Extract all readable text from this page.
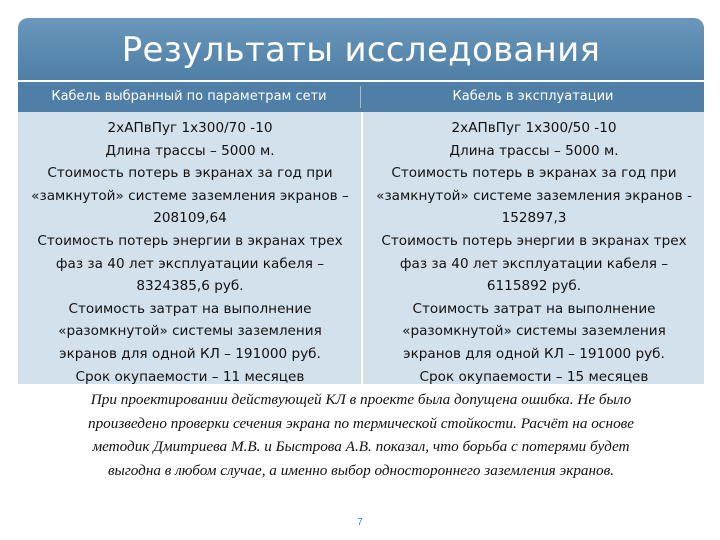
Результаты исследования
Кабель выбранный по параметрам сети	Кабель в эксплуатации
2хАПвПуг 1х300/70 -10
Длина трассы – 5000 м.
Стоимость потерь в экранах за год при
«замкнутой» системе заземления экранов –
208109,64
Стоимость потерь энергии в экранах трех
фаз за 40 лет эксплуатации кабеля –
8324385,6 руб.
Стоимость затрат на выполнение
«разомкнутой» системы заземления
экранов для одной КЛ – 191000 руб.
Срок окупаемости – 11 месяцев
2хАПвПуг 1х300/50 -10
Длина трассы – 5000 м.
Стоимость потерь в экранах за год при
«замкнутой» системе заземления экранов -
152897,3
Стоимость потерь энергии в экранах трех
фаз за 40 лет эксплуатации кабеля –
6115892 руб.
Стоимость затрат на выполнение
«разомкнутой» системы заземления
экранов для одной КЛ – 191000 руб.
Срок окупаемости – 15 месяцев
При проектировании действующей КЛ в проекте была допущена ошибка. Не было
произведено проверки сечения экрана по термической стойкости. Расчёт на основе
методик Дмитриева М.В. и Быстрова А.В. показал, что борьба с потерями будет
выгодна в любом случае, а именно выбор одностороннего заземления экранов.
7
